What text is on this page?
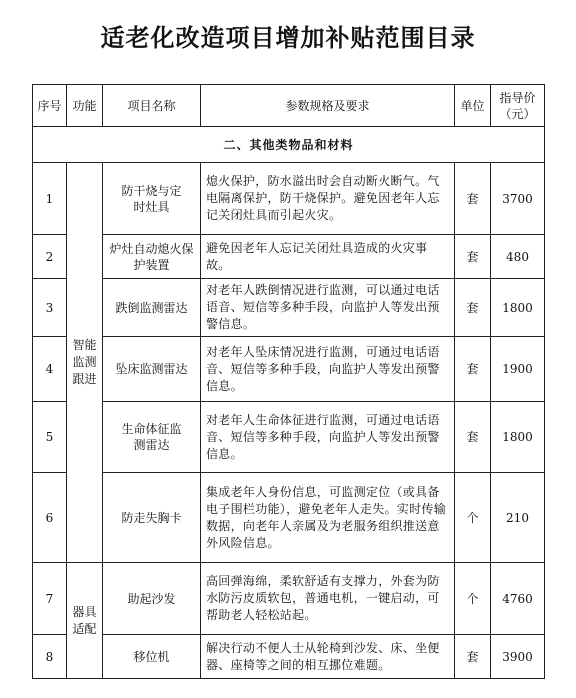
适老化改造项目增加补贴范围目录
序号	功能	项目名称	参数规格及要求	单位	指导价
（元）
二、其他类物品和材料					
1	智能监测跟进	防干烧与定时灶具	熄火保护，防水溢出时会自动断火断气。气电隔离保护，防干烧保护。避免因老年人忘记关闭灶具而引起火灾。	套	3700
2		炉灶自动熄火保护装置	避免因老年人忘记关闭灶具造成的火灾事故。	套	480
3		跌倒监测雷达	对老年人跌倒情况进行监测，可以通过电话语音、短信等多种手段，向监护人等发出预警信息。	套	1800
4		坠床监测雷达	对老年人坠床情况进行监测，可通过电话语音、短信等多种手段，向监护人等发出预警信息。	套	1900
5		生命体征监测雷达	对老年人生命体征进行监测，可通过电话语音、短信等多种手段，向监护人等发出预警信息。	套	1800
6		防走失胸卡	集成老年人身份信息，可监测定位（或具备电子围栏功能），避免老年人走失。实时传输数据，向老年人亲属及为老服务组织推送意外风险信息。	个	210
7	器具适配	助起沙发	高回弹海绵，柔软舒适有支撑力，外套为防水防污皮质软包，普通电机，一键启动，可帮助老人轻松站起。	个	4760
8		移位机	解决行动不便人士从轮椅到沙发、床、坐便器、座椅等之间的相互挪位难题。	套	3900
